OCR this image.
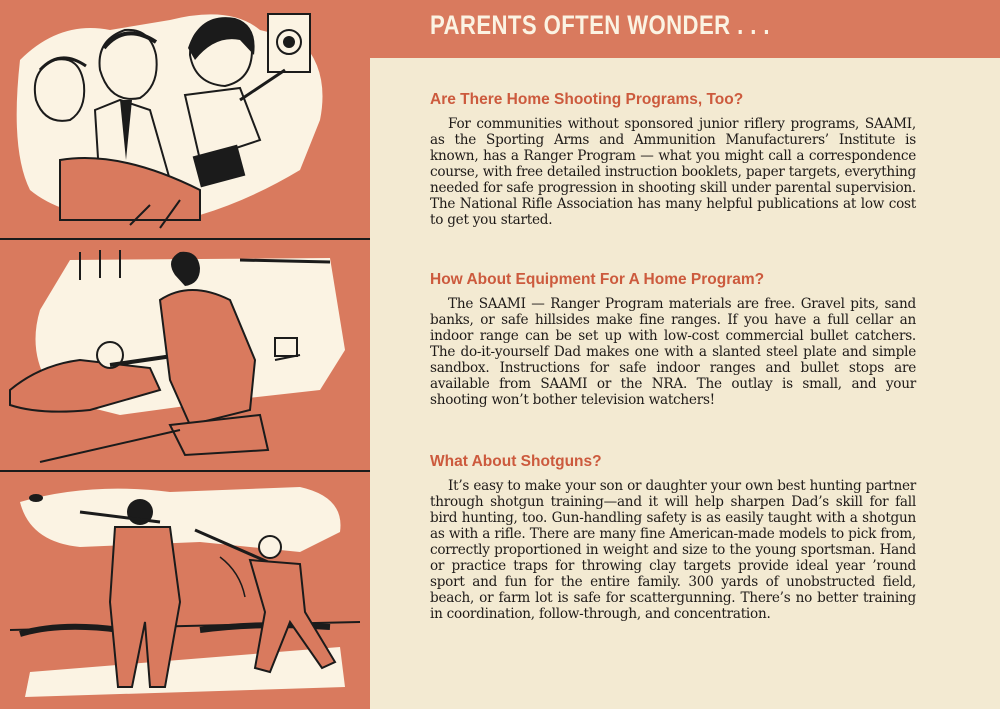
PARENTS OFTEN WONDER . . .
Are There Home Shooting Programs, Too?

For communities without sponsored junior riflery programs, SAAMI, as the Sporting Arms and Ammunition Manufacturers’ Institute is known, has a Ranger Program — what you might call a correspondence course, with free detailed instruction booklets, paper targets, everything needed for safe progression in shooting skill under parental supervision. The National Rifle Association has many helpful publications at low cost to get you started.

How About Equipment For A Home Program?

The SAAMI — Ranger Program materials are free. Gravel pits, sand banks, or safe hillsides make fine ranges. If you have a full cellar an indoor range can be set up with low-cost commercial bullet catchers. The do-it-yourself Dad makes one with a slanted steel plate and simple sandbox. Instructions for safe indoor ranges and bullet stops are available from SAAMI or the NRA. The outlay is small, and your shooting won’t bother television watchers!

What About Shotguns?

It’s easy to make your son or daughter your own best hunting partner through shotgun training—and it will help sharpen Dad’s skill for fall bird hunting, too. Gun-handling safety is as easily taught with a shotgun as with a rifle. There are many fine American-made models to pick from, correctly proportioned in weight and size to the young sportsman. Hand or practice traps for throwing clay targets provide ideal year ’round sport and fun for the entire family. 300 yards of unobstructed field, beach, or farm lot is safe for scattergunning. There’s no better training in coordination, follow-through, and concentration.
